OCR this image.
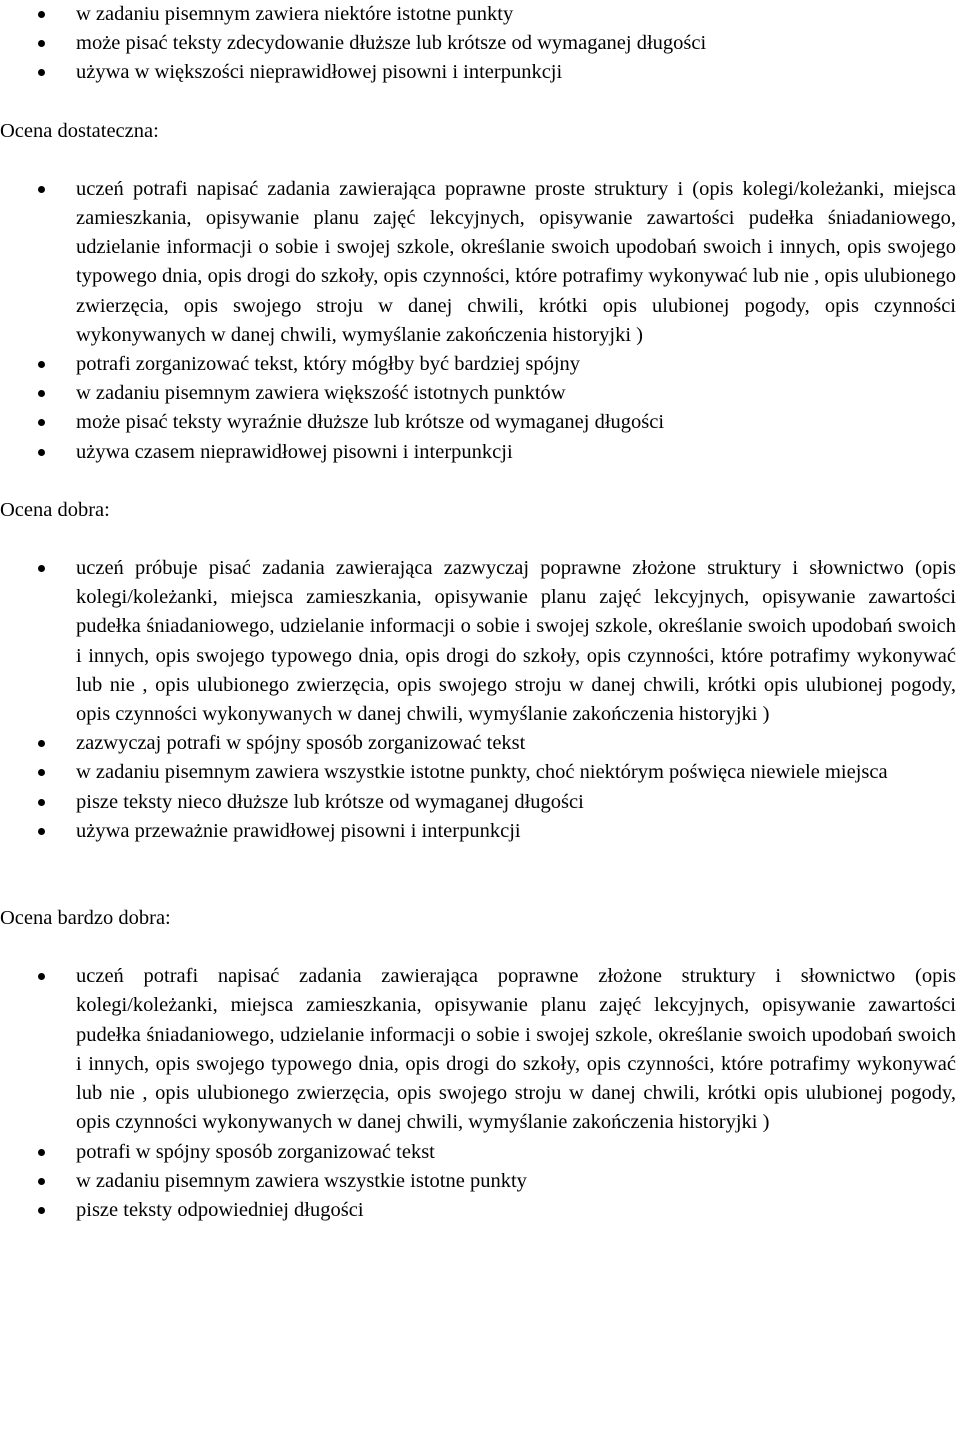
w zadaniu pisemnym zawiera niektóre istotne punkty
może pisać teksty zdecydowanie dłuższe lub krótsze od wymaganej długości
używa w większości nieprawidłowej pisowni i interpunkcji

Ocena dostateczna:

uczeń potrafi napisać zadania zawierająca poprawne proste struktury i (opis kolegi/koleżanki, miejsca zamieszkania, opisywanie planu zajęć lekcyjnych, opisywanie zawartości pudełka śniadaniowego, udzielanie informacji o sobie i swojej szkole, określanie swoich upodobań swoich i innych, opis swojego typowego dnia, opis drogi do szkoły, opis czynności, które potrafimy wykonywać lub nie , opis ulubionego zwierzęcia, opis swojego stroju w danej chwili, krótki opis ulubionej pogody, opis czynności wykonywanych w danej chwili, wymyślanie zakończenia historyjki )
potrafi zorganizować tekst, który mógłby być bardziej spójny
w zadaniu pisemnym zawiera większość istotnych punktów
może pisać teksty wyraźnie dłuższe lub krótsze od wymaganej długości
używa czasem nieprawidłowej pisowni i interpunkcji

Ocena dobra:

uczeń próbuje pisać zadania zawierająca zazwyczaj poprawne złożone struktury i słownictwo (opis kolegi/koleżanki, miejsca zamieszkania, opisywanie planu zajęć lekcyjnych, opisywanie zawartości pudełka śniadaniowego, udzielanie informacji o sobie i swojej szkole, określanie swoich upodobań swoich i innych, opis swojego typowego dnia, opis drogi do szkoły, opis czynności, które potrafimy wykonywać lub nie , opis ulubionego zwierzęcia, opis swojego stroju w danej chwili, krótki opis ulubionej pogody, opis czynności wykonywanych w danej chwili, wymyślanie zakończenia historyjki )
zazwyczaj potrafi w spójny sposób zorganizować tekst
w zadaniu pisemnym zawiera wszystkie istotne punkty, choć niektórym poświęca niewiele miejsca
pisze teksty nieco dłuższe lub krótsze od wymaganej długości
używa przeważnie prawidłowej pisowni i interpunkcji

Ocena bardzo dobra:

uczeń potrafi napisać zadania zawierająca poprawne złożone struktury i słownictwo (opis kolegi/koleżanki, miejsca zamieszkania, opisywanie planu zajęć lekcyjnych, opisywanie zawartości pudełka śniadaniowego, udzielanie informacji o sobie i swojej szkole, określanie swoich upodobań swoich i innych, opis swojego typowego dnia, opis drogi do szkoły, opis czynności, które potrafimy wykonywać lub nie , opis ulubionego zwierzęcia, opis swojego stroju w danej chwili, krótki opis ulubionej pogody, opis czynności wykonywanych w danej chwili, wymyślanie zakończenia historyjki )
potrafi w spójny sposób zorganizować tekst
w zadaniu pisemnym zawiera wszystkie istotne punkty
pisze teksty odpowiedniej długości
